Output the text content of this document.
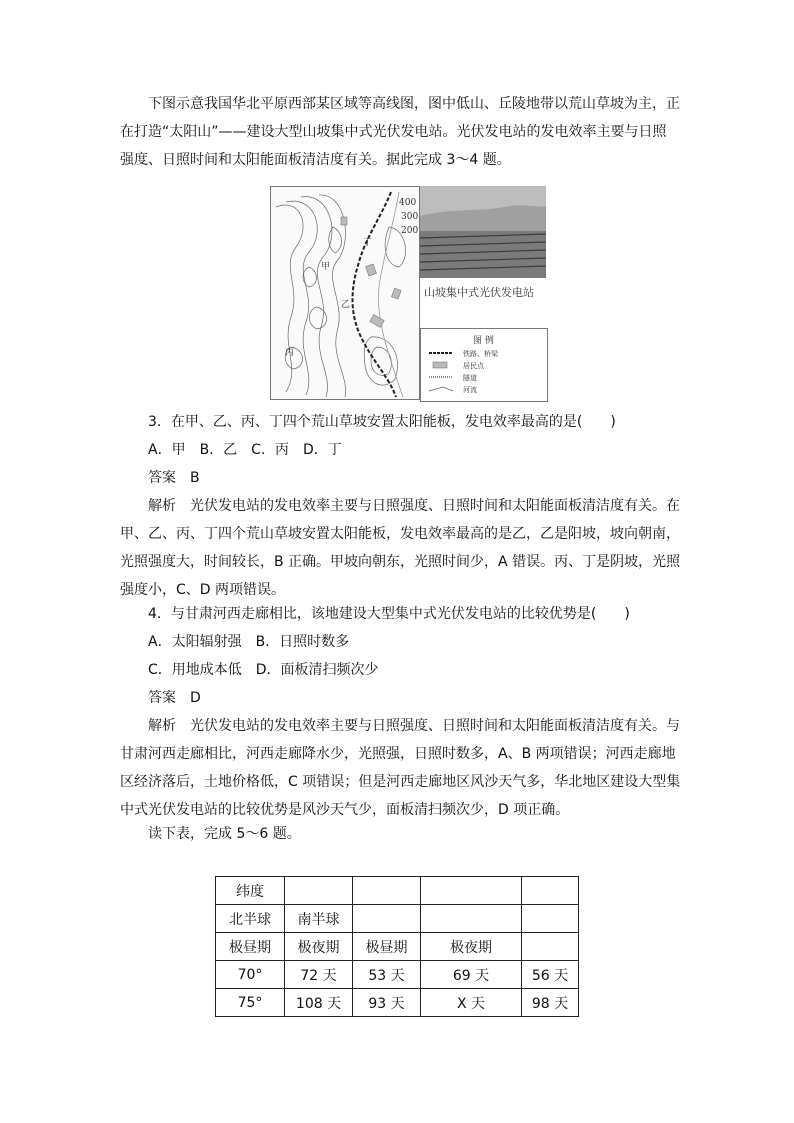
下图示意我国华北平原西部某区域等高线图，图中低山、丘陵地带以荒山草坡为主，正

在打造“太阳山”——建设大型山坡集中式光伏发电站。光伏发电站的发电效率主要与日照

强度、日照时间和太阳能面板清洁度有关。据此完成 3～4 题。

400
300
200
甲
乙
丙
丁
山坡集中式光伏发电站
图 例
铁路、桥梁
居民点
隧道
河流

3．在甲、乙、丙、丁四个荒山草坡安置太阳能板，发电效率最高的是(　　)

A．甲　B．乙　C．丙　D．丁

答案　B

解析　光伏发电站的发电效率主要与日照强度、日照时间和太阳能面板清洁度有关。在

甲、乙、丙、丁四个荒山草坡安置太阳能板，发电效率最高的是乙，乙是阳坡，坡向朝南，

光照强度大，时间较长，B 正确。甲坡向朝东，光照时间少，A 错误。丙、丁是阴坡，光照

强度小，C、D 两项错误。

4．与甘肃河西走廊相比，该地建设大型集中式光伏发电站的比较优势是(　　)

A．太阳辐射强　B．日照时数多

C．用地成本低　D．面板清扫频次少

答案　D

解析　光伏发电站的发电效率主要与日照强度、日照时间和太阳能面板清洁度有关。与

甘肃河西走廊相比，河西走廊降水少，光照强，日照时数多，A、B 两项错误；河西走廊地

区经济落后，土地价格低，C 项错误；但是河西走廊地区风沙天气多，华北地区建设大型集

中式光伏发电站的比较优势是风沙天气少，面板清扫频次少，D 项正确。

读下表，完成 5～6 题。

纬度				
北半球	南半球			
极昼期	极夜期	极昼期	极夜期	
70°	72 天	53 天	69 天	56 天
75°	108 天	93 天	X 天	98 天
